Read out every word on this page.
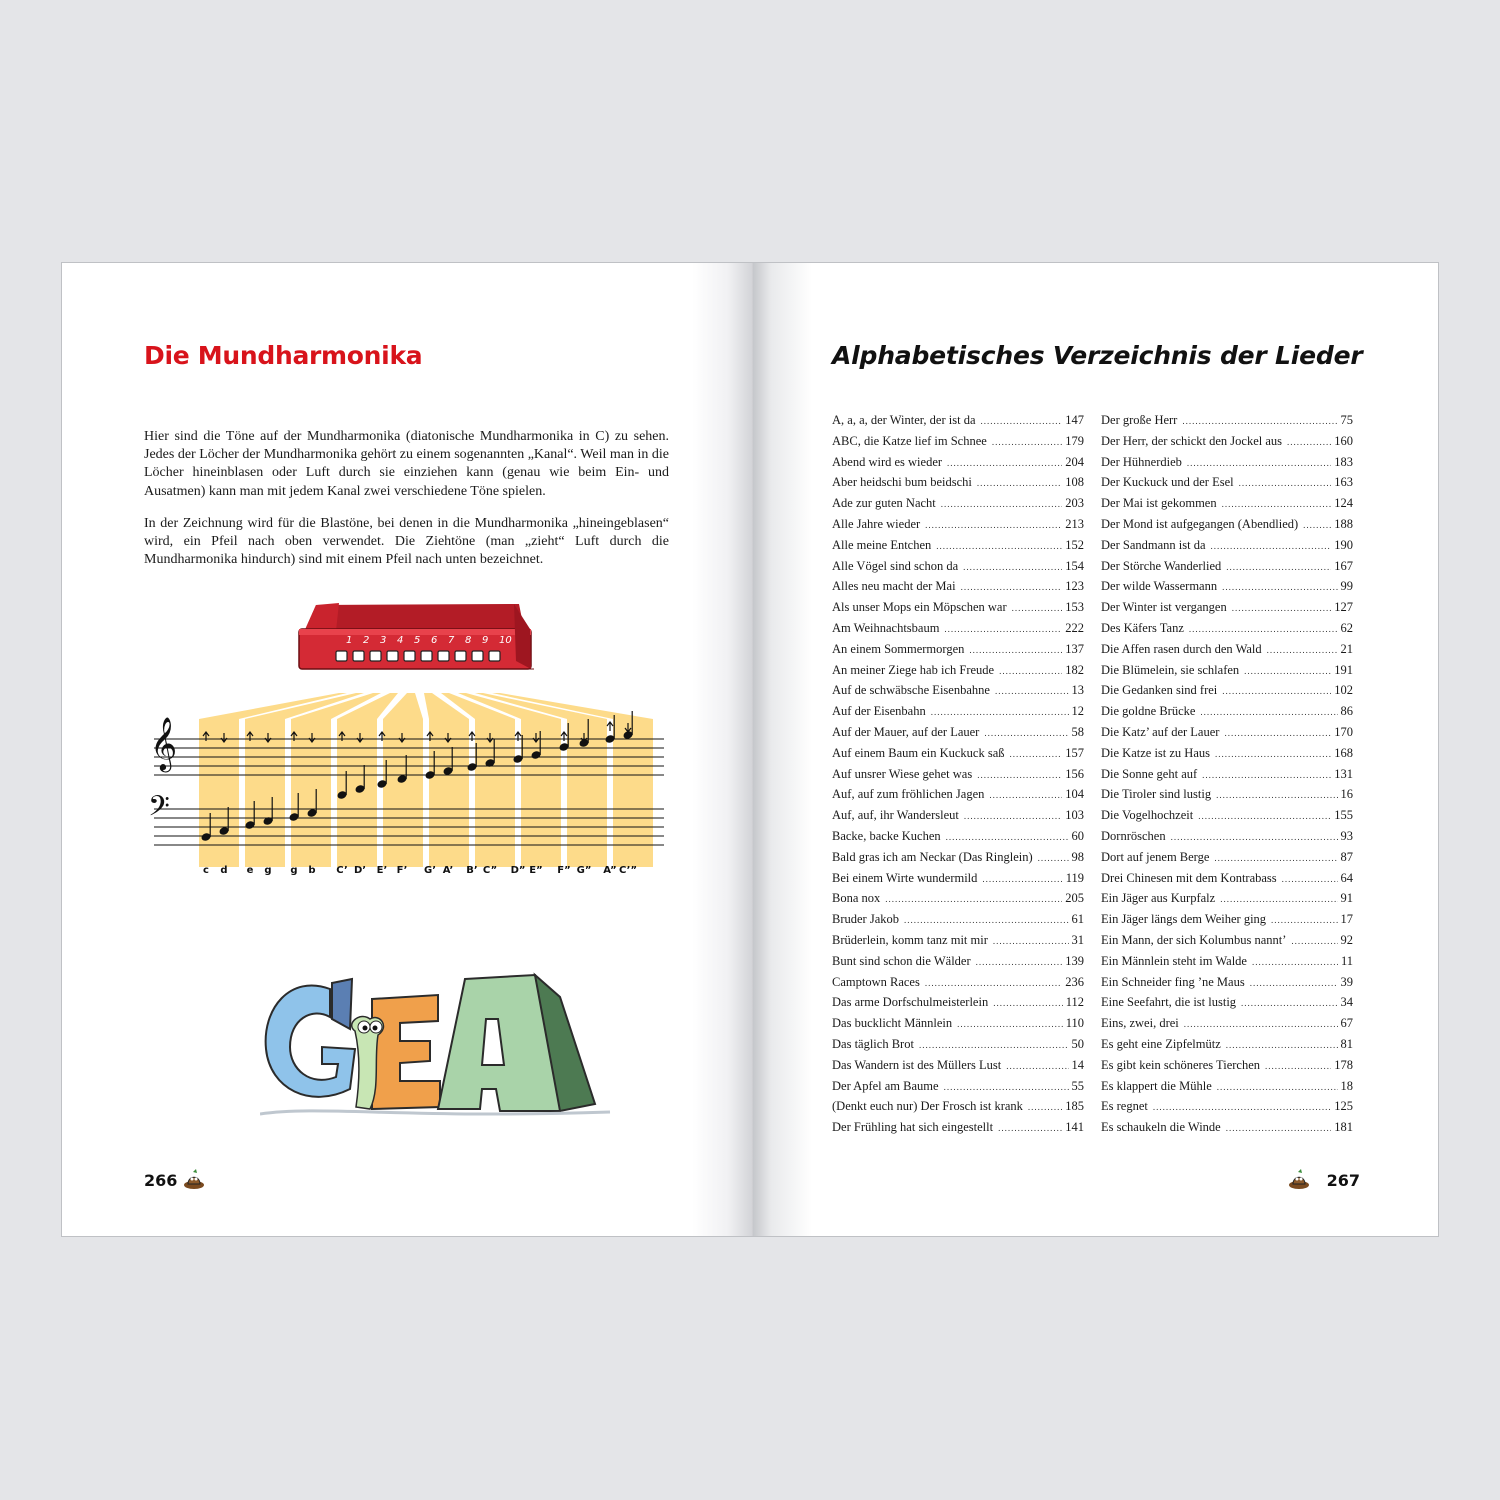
Die Mundharmonika

Hier sind die Töne auf der Mundharmonika (diatonische Mundharmonika in C) zu sehen. Jedes der Löcher der Mundharmonika gehört zu einem sogenannten „Kanal“. Weil man in die Löcher hineinblasen oder Luft durch sie einziehen kann (genau wie beim Ein- und Ausatmen) kann man mit jedem Kanal zwei verschiedene Töne spielen.

In der Zeichnung wird für die Blastöne, bei denen in die Mundharmonika „hineingeblasen“ wird, ein Pfeil nach oben verwendet. Die Ziehtöne (man „zieht“ Luft durch die Mundharmonika hindurch) sind mit einem Pfeil nach unten bezeichnet.

1 2 3 4 5 6 7 8 9 10
𝄞
𝄢
c d e g g b C’ D’ E’ F’ G’ A’ B’ C” D” E” F” G” A” C’”
266
Alphabetisches Verzeichnis der Lieder
A, a, a, der Winter, der ist da .....	147
ABC, die Katze lief im Schnee .....	179
Abend wird es wieder .....	204
Aber heidschi bum beidschi .....	108
Ade zur guten Nacht .....	203
Alle Jahre wieder .....	213
Alle meine Entchen .....	152
Alle Vögel sind schon da .....	154
Alles neu macht der Mai .....	123
Als unser Mops ein Möpschen war .....	153
Am Weihnachtsbaum .....	222
An einem Sommermorgen .....	137
An meiner Ziege hab ich Freude .....	182
Auf de schwäbsche Eisenbahne .....	13
Auf der Eisenbahn .....	12
Auf der Mauer, auf der Lauer .....	58
Auf einem Baum ein Kuckuck saß .....	157
Auf unsrer Wiese gehet was .....	156
Auf, auf zum fröhlichen Jagen .....	104
Auf, auf, ihr Wandersleut .....	103
Backe, backe Kuchen .....	60
Bald gras ich am Neckar (Das Ringlein) .....	98
Bei einem Wirte wundermild .....	119
Bona nox .....	205
Bruder Jakob .....	61
Brüderlein, komm tanz mit mir .....	31
Bunt sind schon die Wälder .....	139
Camptown Races .....	236
Das arme Dorfschulmeisterlein .....	112
Das bucklicht Männlein .....	110
Das täglich Brot .....	50
Das Wandern ist des Müllers Lust .....	14
Der Apfel am Baume .....	55
(Denkt euch nur) Der Frosch ist krank .....	185
Der Frühling hat sich eingestellt .....	141
Der große Herr .....	75
Der Herr, der schickt den Jockel aus .....	160
Der Hühnerdieb .....	183
Der Kuckuck und der Esel .....	163
Der Mai ist gekommen .....	124
Der Mond ist aufgegangen (Abendlied) .....	188
Der Sandmann ist da .....	190
Der Störche Wanderlied .....	167
Der wilde Wassermann .....	99
Der Winter ist vergangen .....	127
Des Käfers Tanz .....	62
Die Affen rasen durch den Wald .....	21
Die Blümelein, sie schlafen .....	191
Die Gedanken sind frei .....	102
Die goldne Brücke .....	86
Die Katz’ auf der Lauer .....	170
Die Katze ist zu Haus .....	168
Die Sonne geht auf .....	131
Die Tiroler sind lustig .....	16
Die Vogelhochzeit .....	155
Dornröschen .....	93
Dort auf jenem Berge .....	87
Drei Chinesen mit dem Kontrabass .....	64
Ein Jäger aus Kurpfalz .....	91
Ein Jäger längs dem Weiher ging .....	17
Ein Mann, der sich Kolumbus nannt’ .....	92
Ein Männlein steht im Walde .....	11
Ein Schneider fing ’ne Maus .....	39
Eine Seefahrt, die ist lustig .....	34
Eins, zwei, drei .....	67
Es geht eine Zipfelmütz .....	81
Es gibt kein schöneres Tierchen .....	178
Es klappert die Mühle .....	18
Es regnet .....	125
Es schaukeln die Winde .....	181
267
